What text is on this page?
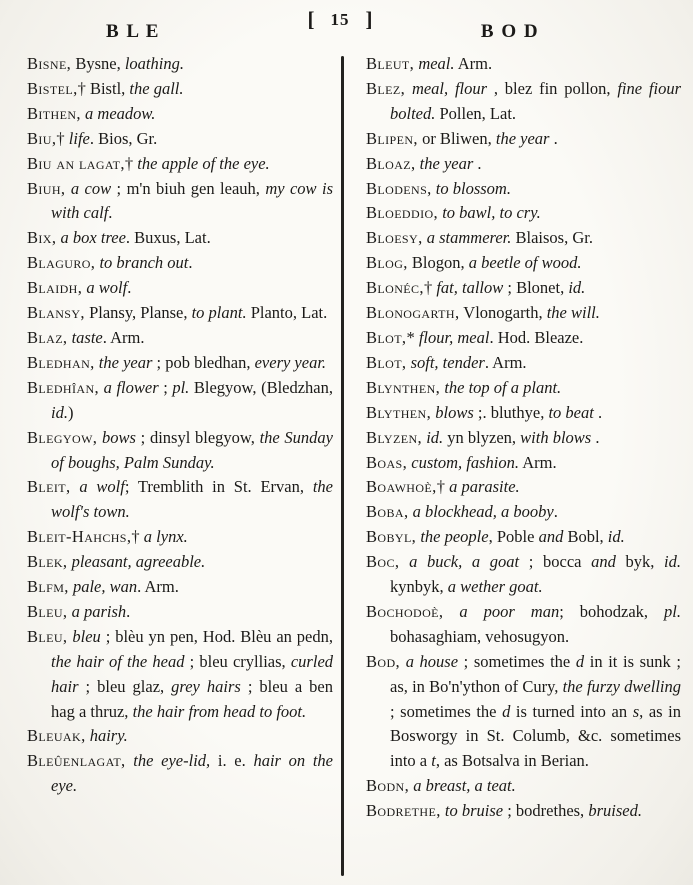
[ 15 ]
B L E	B O D

Bisne, Bysne, loathing.

Bistel,† Bistl, the gall.

Bithen, a meadow.

Biu,† life. Bios, Gr.

Biu an lagat,† the apple of the eye.

Biuh, a cow ; m'n biuh gen leauh, my cow is with calf.

Bix, a box tree. Buxus, Lat.

Blaguro, to branch out.

Blaidh, a wolf.

Blansy, Plansy, Planse, to plant. Planto, Lat.

Blaz, taste. Arm.

Bledhan, the year ; pob bledhan, every year.

Bledhîan, a flower ; pl. Blegyow, (Bledzhan, id.)

Blegyow, bows ; dinsyl blegyow, the Sunday of boughs, Palm Sunday.

Bleit, a wolf; Tremblith in St. Ervan, the wolf's town.

Bleit-Hahchs,† a lynx.

Blek, pleasant, agreeable.

Blfm, pale, wan. Arm.

Bleu, a parish.

Bleu, bleu ; blèu yn pen, Hod. Blèu an pedn, the hair of the head ; bleu cryllias, curled hair ; bleu glaz, grey hairs ; bleu a ben hag a thruz, the hair from head to foot.

Bleuak, hairy.

Bleûenlagat, the eye-lid, i. e. hair on the eye.

Bleut, meal. Arm.

Blez, meal, flour , blez fin pollon, fine fiour bolted. Pollen, Lat.

Blipen, or Bliwen, the year .

Bloaz, the year .

Blodens, to blossom.

Bloeddio, to bawl, to cry.

Bloesy, a stammerer. Blaisos, Gr.

Blog, Blogon, a beetle of wood.

Blonéc,† fat, tallow ; Blonet, id.

Blonogarth, Vlonogarth, the will.

Blot,* flour, meal. Hod. Bleaze.

Blot, soft, tender. Arm.

Blynthen, the top of a plant.

Blythen, blows ;. bluthye, to beat .

Blyzen, id. yn blyzen, with blows .

Boas, custom, fashion. Arm.

Boawhoè,† a parasite.

Boba, a blockhead, a booby.

Bobyl, the people, Poble and Bobl, id.

Boc, a buck, a goat ; bocca and byk, id. kynbyk, a wether goat.

Bochodoè, a poor man; bohodzak, pl. bohasaghiam, vehosugyon.

Bod, a house ; sometimes the d in it is sunk ; as, in Bo'n'ython of Cury, the furzy dwelling ; sometimes the d is turned into an s, as in Bosworgy in St. Columb, &c. sometimes into a t, as Botsalva in Berian.

Bodn, a breast, a teat.

Bodrethe, to bruise ; bodrethes, bruised.
